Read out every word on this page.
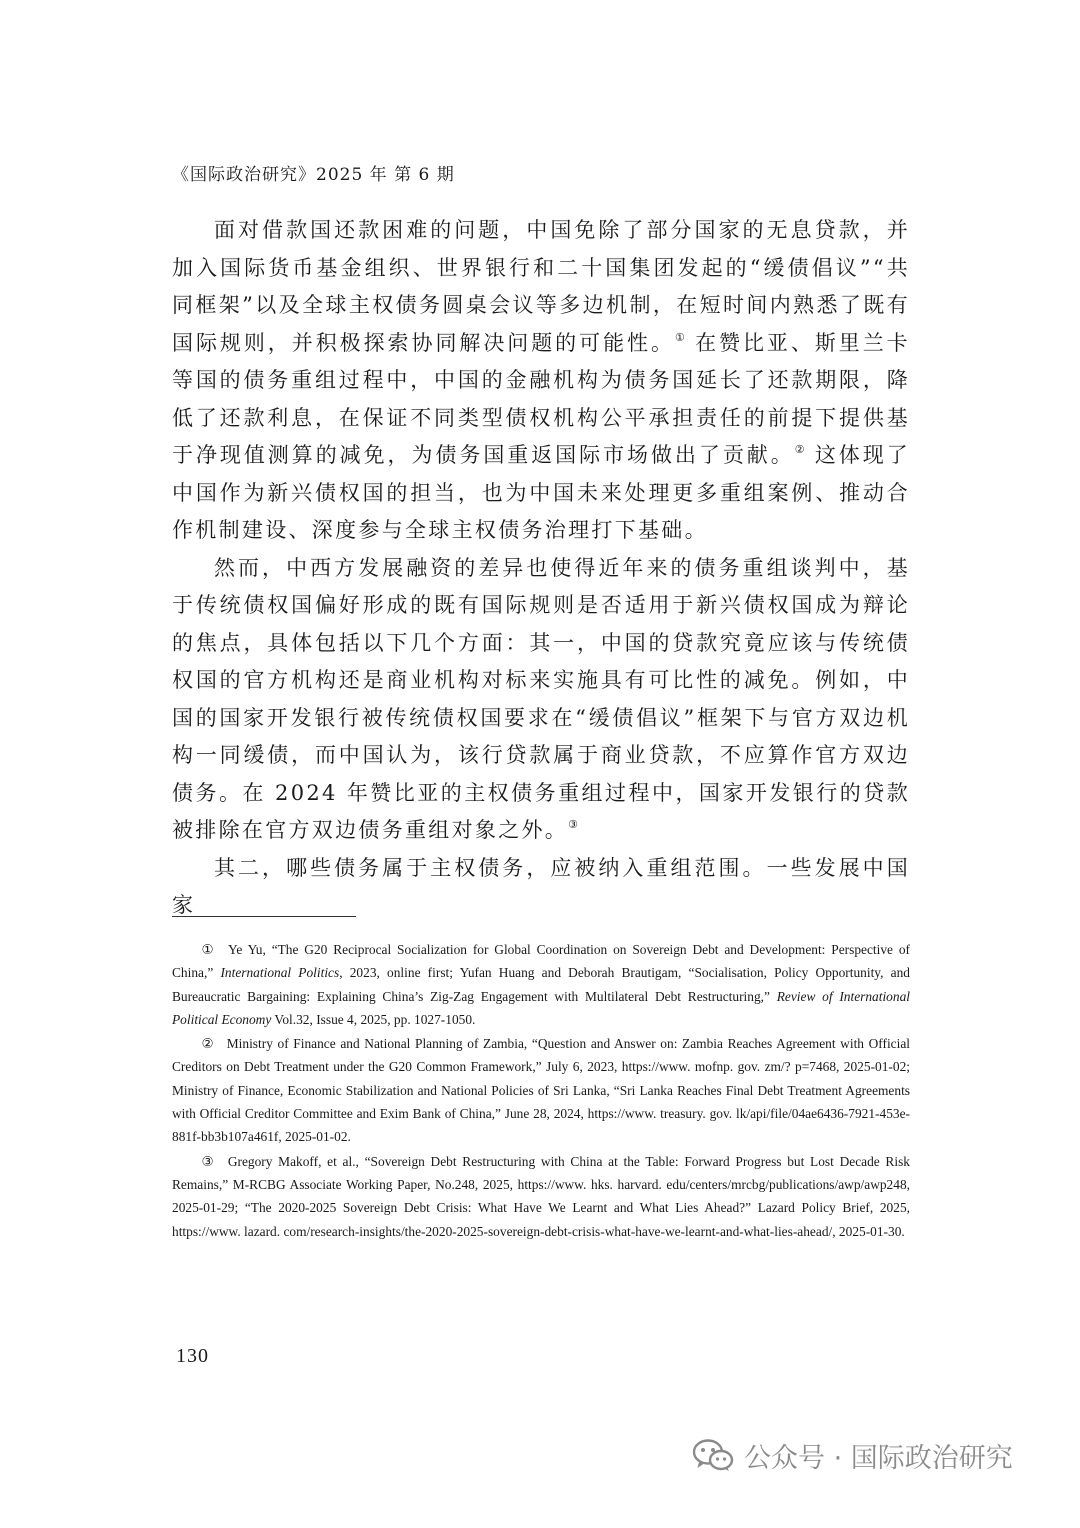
《国际政治研究》2025 年 第 6 期

面对借款国还款困难的问题，中国免除了部分国家的无息贷款，并加入国际货币基金组织、世界银行和二十国集团发起的“缓债倡议”“共同框架”以及全球主权债务圆桌会议等多边机制，在短时间内熟悉了既有国际规则，并积极探索协同解决问题的可能性。① 在赞比亚、斯里兰卡等国的债务重组过程中，中国的金融机构为债务国延长了还款期限，降低了还款利息，在保证不同类型债权机构公平承担责任的前提下提供基于净现值测算的减免，为债务国重返国际市场做出了贡献。② 这体现了中国作为新兴债权国的担当，也为中国未来处理更多重组案例、推动合作机制建设、深度参与全球主权债务治理打下基础。

然而，中西方发展融资的差异也使得近年来的债务重组谈判中，基于传统债权国偏好形成的既有国际规则是否适用于新兴债权国成为辩论的焦点，具体包括以下几个方面：其一，中国的贷款究竟应该与传统债权国的官方机构还是商业机构对标来实施具有可比性的减免。例如，中国的国家开发银行被传统债权国要求在“缓债倡议”框架下与官方双边机构一同缓债，而中国认为，该行贷款属于商业贷款，不应算作官方双边债务。在 2024 年赞比亚的主权债务重组过程中，国家开发银行的贷款被排除在官方双边债务重组对象之外。③

其二，哪些债务属于主权债务，应被纳入重组范围。一些发展中国家

① Ye Yu, “The G20 Reciprocal Socialization for Global Coordination on Sovereign Debt and Development: Perspective of China,” International Politics, 2023, online first; Yufan Huang and Deborah Brautigam, “Socialisation, Policy Opportunity, and Bureaucratic Bargaining: Explaining China’s Zig-Zag Engagement with Multilateral Debt Restructuring,” Review of International Political Economy Vol.32, Issue 4, 2025, pp. 1027-1050.

② Ministry of Finance and National Planning of Zambia, “Question and Answer on: Zambia Reaches Agreement with Official Creditors on Debt Treatment under the G20 Common Framework,” July 6, 2023, https://www. mofnp. gov. zm/? p=7468, 2025-01-02; Ministry of Finance, Economic Stabilization and National Policies of Sri Lanka, “Sri Lanka Reaches Final Debt Treatment Agreements with Official Creditor Committee and Exim Bank of China,” June 28, 2024, https://www. treasury. gov. lk/api/file/04ae6436-7921-453e-881f-bb3b107a461f, 2025-01-02.

③ Gregory Makoff, et al., “Sovereign Debt Restructuring with China at the Table: Forward Progress but Lost Decade Risk Remains,” M-RCBG Associate Working Paper, No.248, 2025, https://www. hks. harvard. edu/centers/mrcbg/publications/awp/awp248, 2025-01-29; “The 2020-2025 Sovereign Debt Crisis: What Have We Learnt and What Lies Ahead?” Lazard Policy Brief, 2025, https://www. lazard. com/research-insights/the-2020-2025-sovereign-debt-crisis-what-have-we-learnt-and-what-lies-ahead/, 2025-01-30.

130
公众号 · 国际政治研究
